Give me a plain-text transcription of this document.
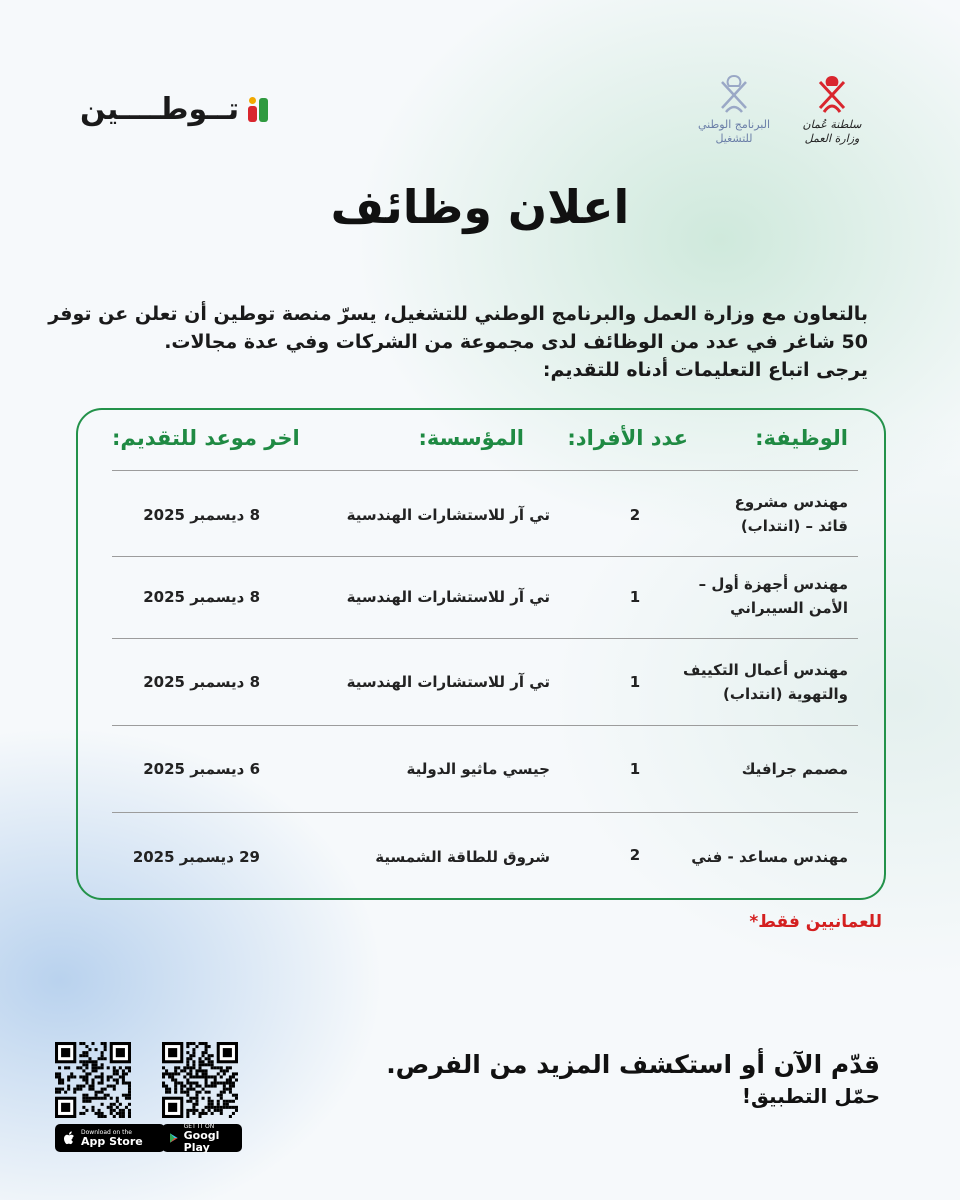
تــوطــــين	البرنامج الوطني
للتشغيل
سلطنة عُمان
وزارة العمل
اعلان وظائف
بالتعاون مع وزارة العمل والبرنامج الوطني للتشغيل، يسرّ منصة توطين أن تعلن عن توفر
50 شاغر في عدد من الوظائف لدى مجموعة من الشركات وفي عدة مجالات.
يرجى اتباع التعليمات أدناه للتقديم:
الوظيفة:
عدد الأفراد:
المؤسسة:
اخر موعد للتقديم:
مهندس مشروع
قائد – (انتداب)
2
تي آر للاستشارات الهندسية
8 ديسمبر 2025
مهندس أجهزة أول –
الأمن السيبراني
1
تي آر للاستشارات الهندسية
8 ديسمبر 2025
مهندس أعمال التكييف
والتهوية (انتداب)
1
تي آر للاستشارات الهندسية
8 ديسمبر 2025
مصمم جرافيك
1
جيسي ماثيو الدولية
6 ديسمبر 2025
مهندس مساعد - فني
2
شروق للطاقة الشمسية
29 ديسمبر 2025
للعمانيين فقط*
قدّم الآن أو استكشف المزيد من الفرص.
حمّل التطبيق!
Download on the
App Store
GET IT ON
Googl Play
